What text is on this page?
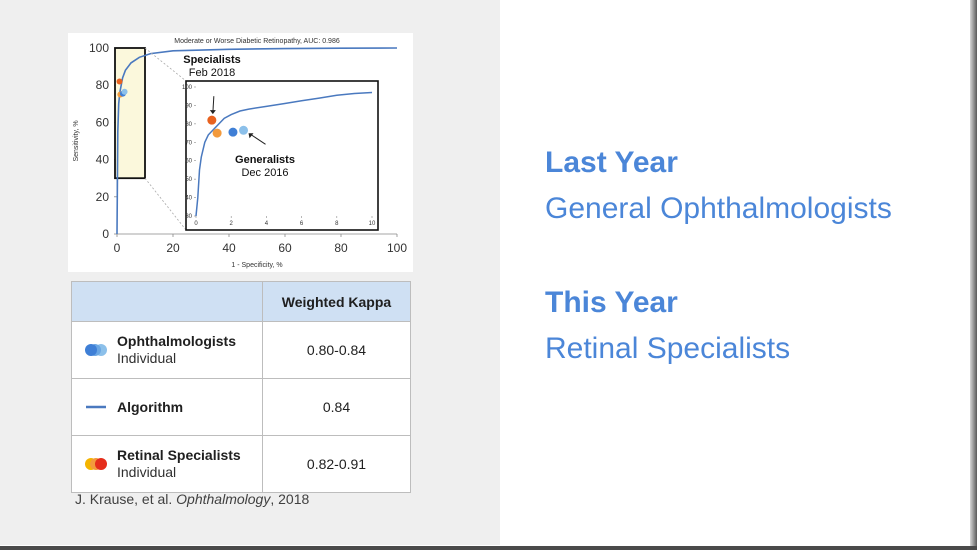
Moderate or Worse Diabetic Retinopathy, AUC: 0.986
0
20
40
60
80
100
0	20	40	60	80	100
1 - Specificity, %
Sensitivity, %
30
40
50
60
70
80
90
100
0	2	4	6	8	10
Specialists
Feb 2018
Generalists
Dec 2016
	Weighted Kappa

Ophthalmologists
Individual	0.80-0.84

Algorithm	0.84

Retinal Specialists
Individual	0.82-0.91
J. Krause, et al. Ophthalmology, 2018
Last Year
General Ophthalmologists
This Year
Retinal Specialists
